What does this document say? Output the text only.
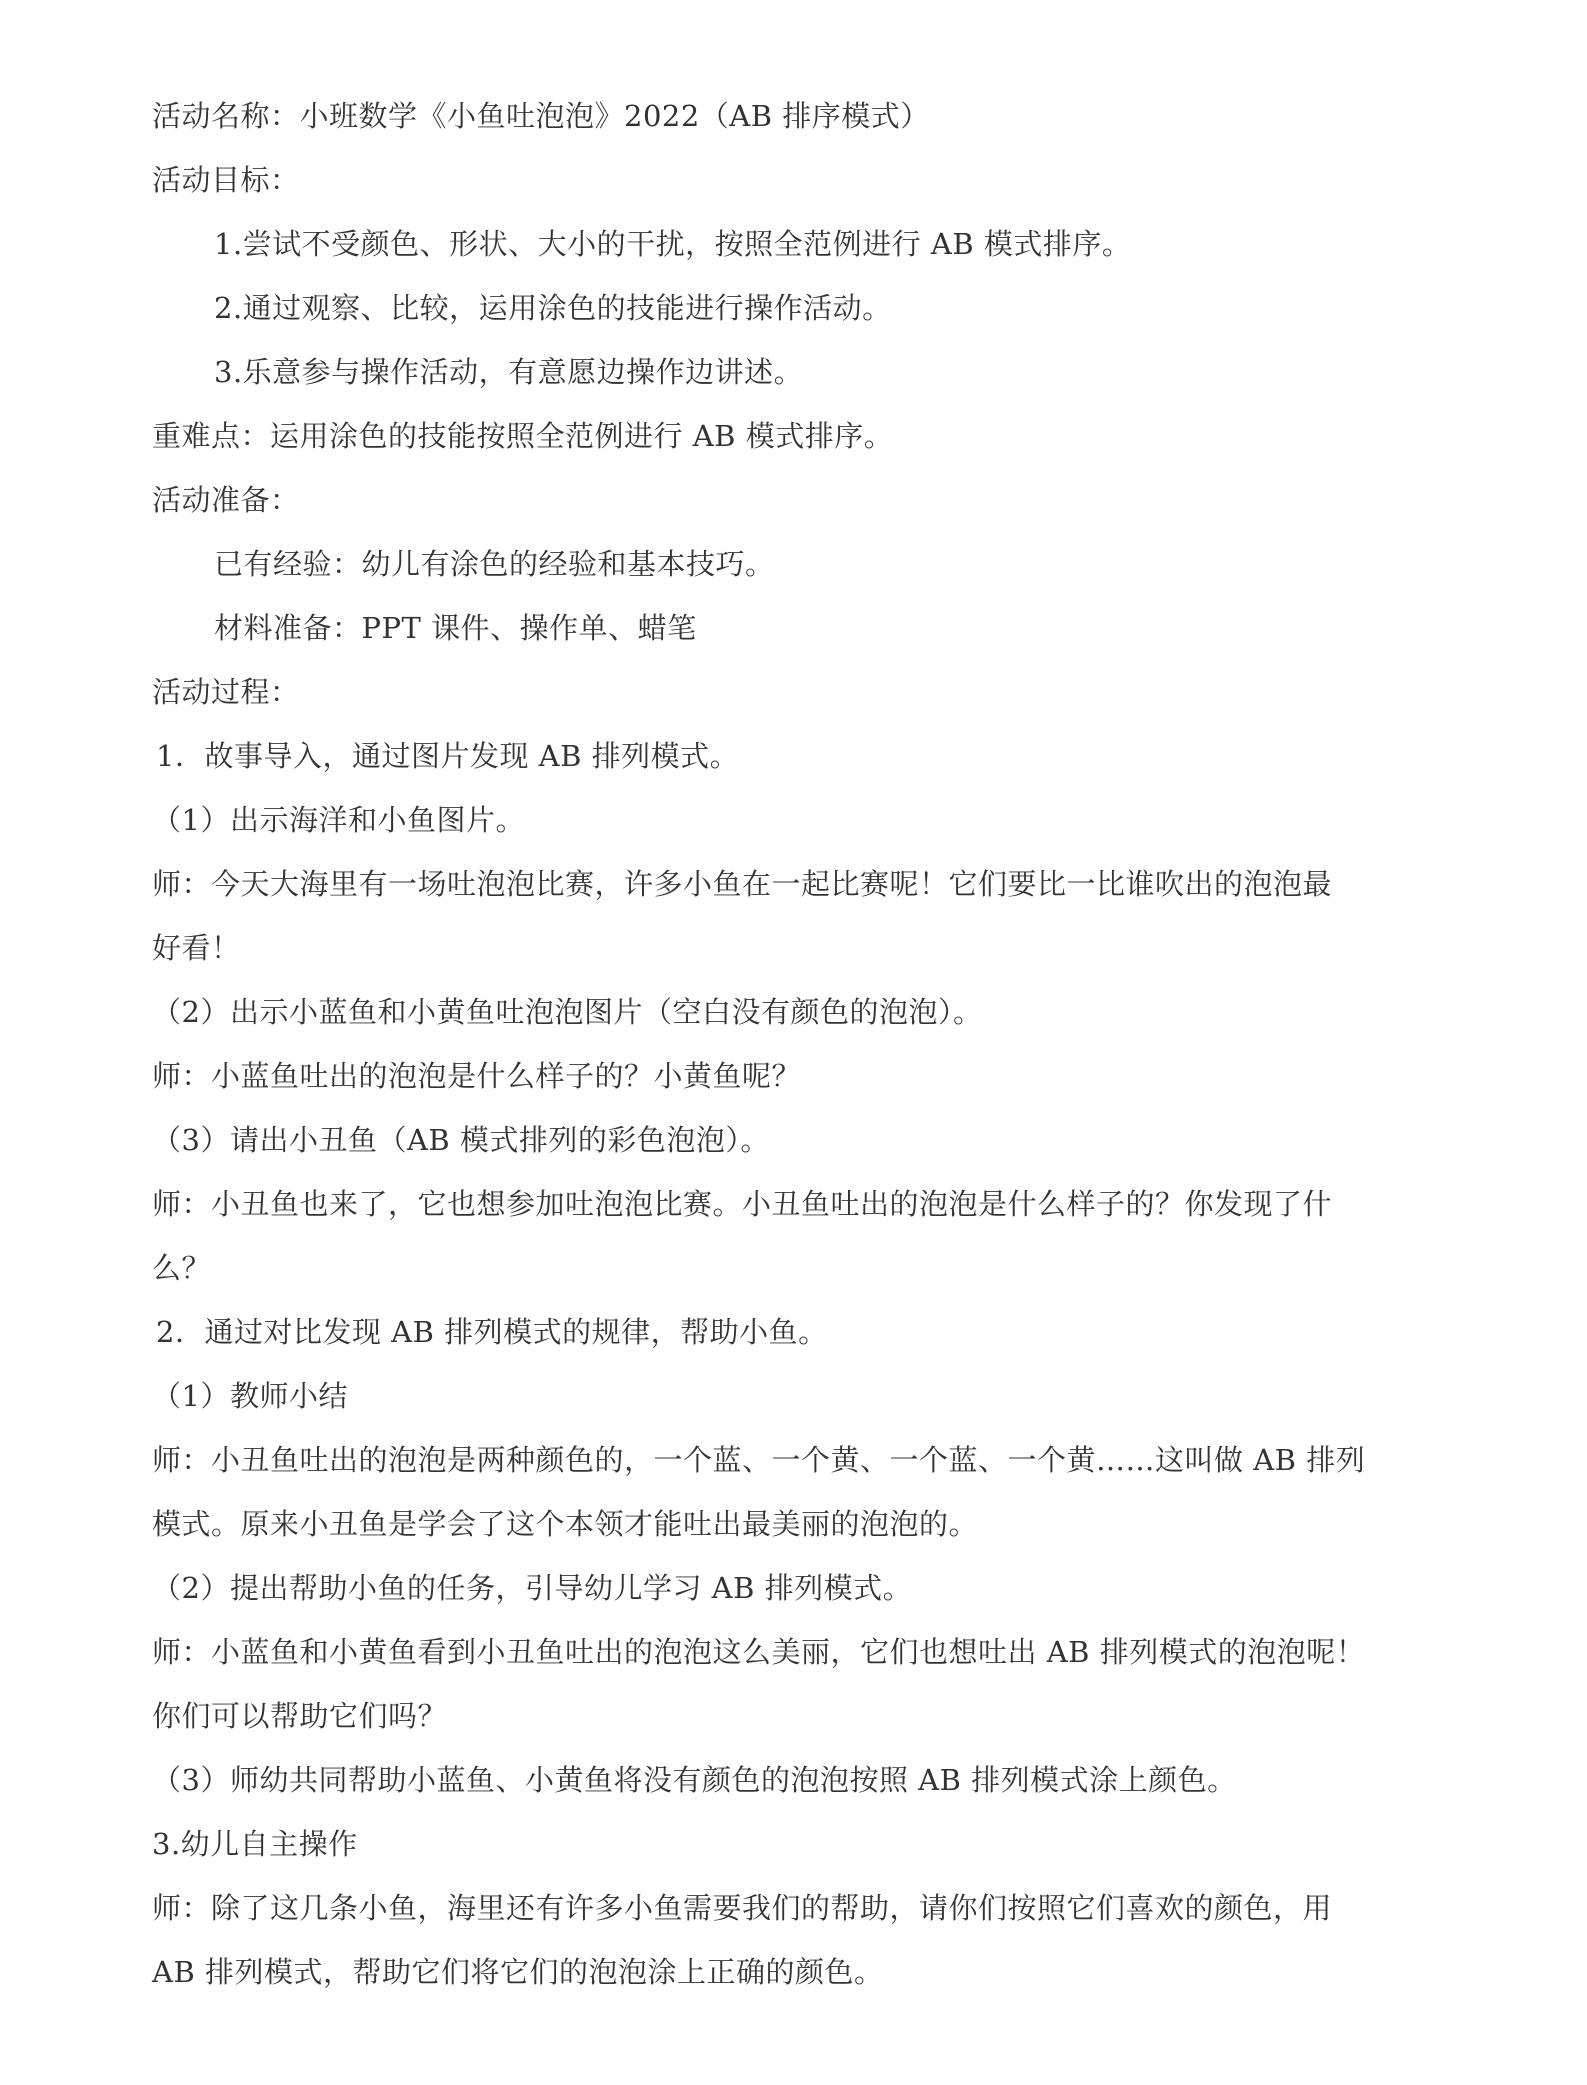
活动名称：小班数学《小鱼吐泡泡》2022（AB 排序模式）
活动目标：
1.尝试不受颜色、形状、大小的干扰，按照全范例进行 AB 模式排序。
2.通过观察、比较，运用涂色的技能进行操作活动。
3.乐意参与操作活动，有意愿边操作边讲述。
重难点：运用涂色的技能按照全范例进行 AB 模式排序。
活动准备：
已有经验：幼儿有涂色的经验和基本技巧。
材料准备：PPT 课件、操作单、蜡笔
活动过程：
1．故事导入，通过图片发现 AB 排列模式。
（1）出示海洋和小鱼图片。
师：今天大海里有一场吐泡泡比赛，许多小鱼在一起比赛呢！它们要比一比谁吹出的泡泡最
好看！
（2）出示小蓝鱼和小黄鱼吐泡泡图片（空白没有颜色的泡泡）。
师：小蓝鱼吐出的泡泡是什么样子的？小黄鱼呢？
（3）请出小丑鱼（AB 模式排列的彩色泡泡）。
师：小丑鱼也来了，它也想参加吐泡泡比赛。小丑鱼吐出的泡泡是什么样子的？你发现了什
么？
2．通过对比发现 AB 排列模式的规律，帮助小鱼。
（1）教师小结
师：小丑鱼吐出的泡泡是两种颜色的，一个蓝、一个黄、一个蓝、一个黄……这叫做 AB 排列
模式。原来小丑鱼是学会了这个本领才能吐出最美丽的泡泡的。
（2）提出帮助小鱼的任务，引导幼儿学习 AB 排列模式。
师：小蓝鱼和小黄鱼看到小丑鱼吐出的泡泡这么美丽，它们也想吐出 AB 排列模式的泡泡呢！
你们可以帮助它们吗？
（3）师幼共同帮助小蓝鱼、小黄鱼将没有颜色的泡泡按照 AB 排列模式涂上颜色。
3.幼儿自主操作
师：除了这几条小鱼，海里还有许多小鱼需要我们的帮助，请你们按照它们喜欢的颜色，用
AB 排列模式，帮助它们将它们的泡泡涂上正确的颜色。
